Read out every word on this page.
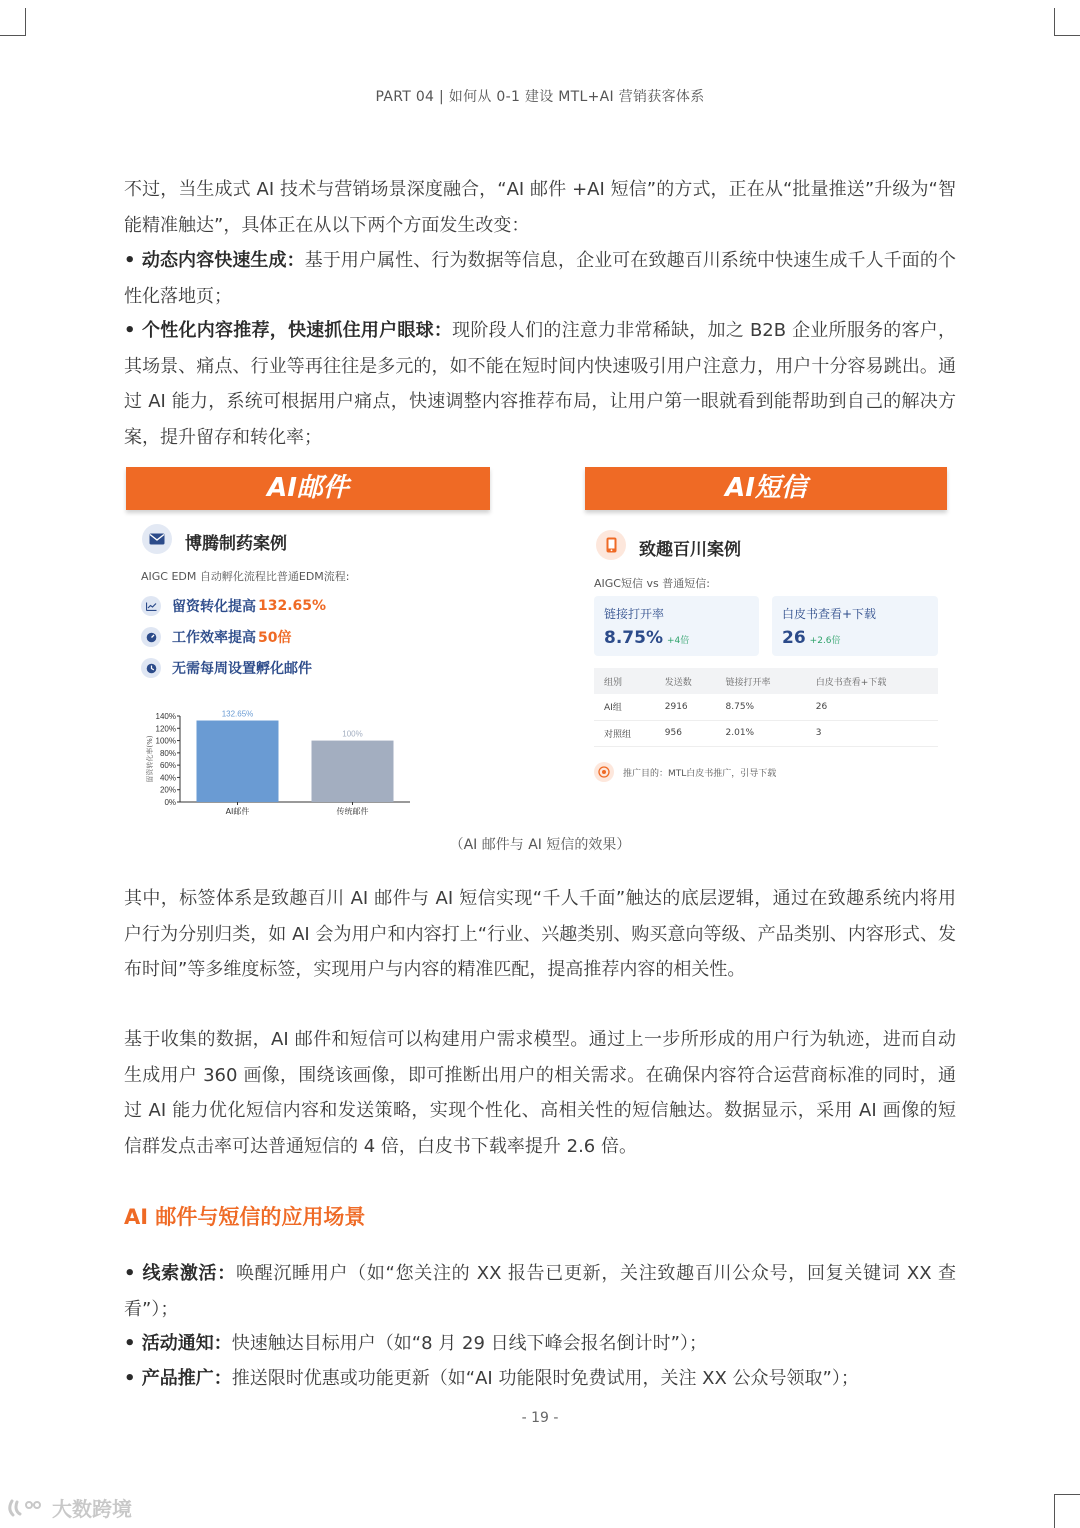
PART 04 | 如何从 0-1 建设 MTL+AI 营销获客体系

不过，当生成式 AI 技术与营销场景深度融合，“AI 邮件 +AI 短信”的方式，正在从“批量推送”升级为“智能精准触达”，具体正在从以下两个方面发生改变：

• 动态内容快速生成：基于用户属性、行为数据等信息，企业可在致趣百川系统中快速生成千人千面的个性化落地页；

• 个性化内容推荐，快速抓住用户眼球：现阶段人们的注意力非常稀缺，加之 B2B 企业所服务的客户，其场景、痛点、行业等再往往是多元的，如不能在短时间内快速吸引用户注意力，用户十分容易跳出。通过 AI 能力，系统可根据用户痛点，快速调整内容推荐布局，让用户第一眼就看到能帮助到自己的解决方案，提升留存和转化率；

AI邮件
博腾制药案例
AIGC EDM 自动孵化流程比普通EDM流程:
留资转化提高 132.65%
工作效率提高 50倍
无需每周设置孵化邮件
0%
20%
40%
60%
80%
100%
120%
140%
留资转化率(%)
132.65%
AI邮件
100%
传统邮件
AI短信
致趣百川案例
AIGC短信 vs 普通短信:
链接打开率
8.75% +4倍
白皮书查看+下载
26 +2.6倍
组别	发送数	链接打开率	白皮书查看+下载
AI组	2916	8.75%	26
对照组	956	2.01%	3
推广目的：MTL白皮书推广，引导下载
（AI 邮件与 AI 短信的效果）

其中，标签体系是致趣百川 AI 邮件与 AI 短信实现“千人千面”触达的底层逻辑，通过在致趣系统内将用户行为分别归类，如 AI 会为用户和内容打上“行业、兴趣类别、购买意向等级、产品类别、内容形式、发布时间”等多维度标签，实现用户与内容的精准匹配，提高推荐内容的相关性。

基于收集的数据，AI 邮件和短信可以构建用户需求模型。通过上一步所形成的用户行为轨迹，进而自动生成用户 360 画像，围绕该画像，即可推断出用户的相关需求。在确保内容符合运营商标准的同时，通过 AI 能力优化短信内容和发送策略，实现个性化、高相关性的短信触达。数据显示，采用 AI 画像的短信群发点击率可达普通短信的 4 倍，白皮书下载率提升 2.6 倍。

AI 邮件与短信的应用场景

• 线索激活：唤醒沉睡用户（如“您关注的 XX 报告已更新，关注致趣百川公众号，回复关键词 XX 查看”）；

• 活动通知：快速触达目标用户（如“8 月 29 日线下峰会报名倒计时”）；

• 产品推广：推送限时优惠或功能更新（如“AI 功能限时免费试用，关注 XX 公众号领取”）；

- 19 -
大数跨境
